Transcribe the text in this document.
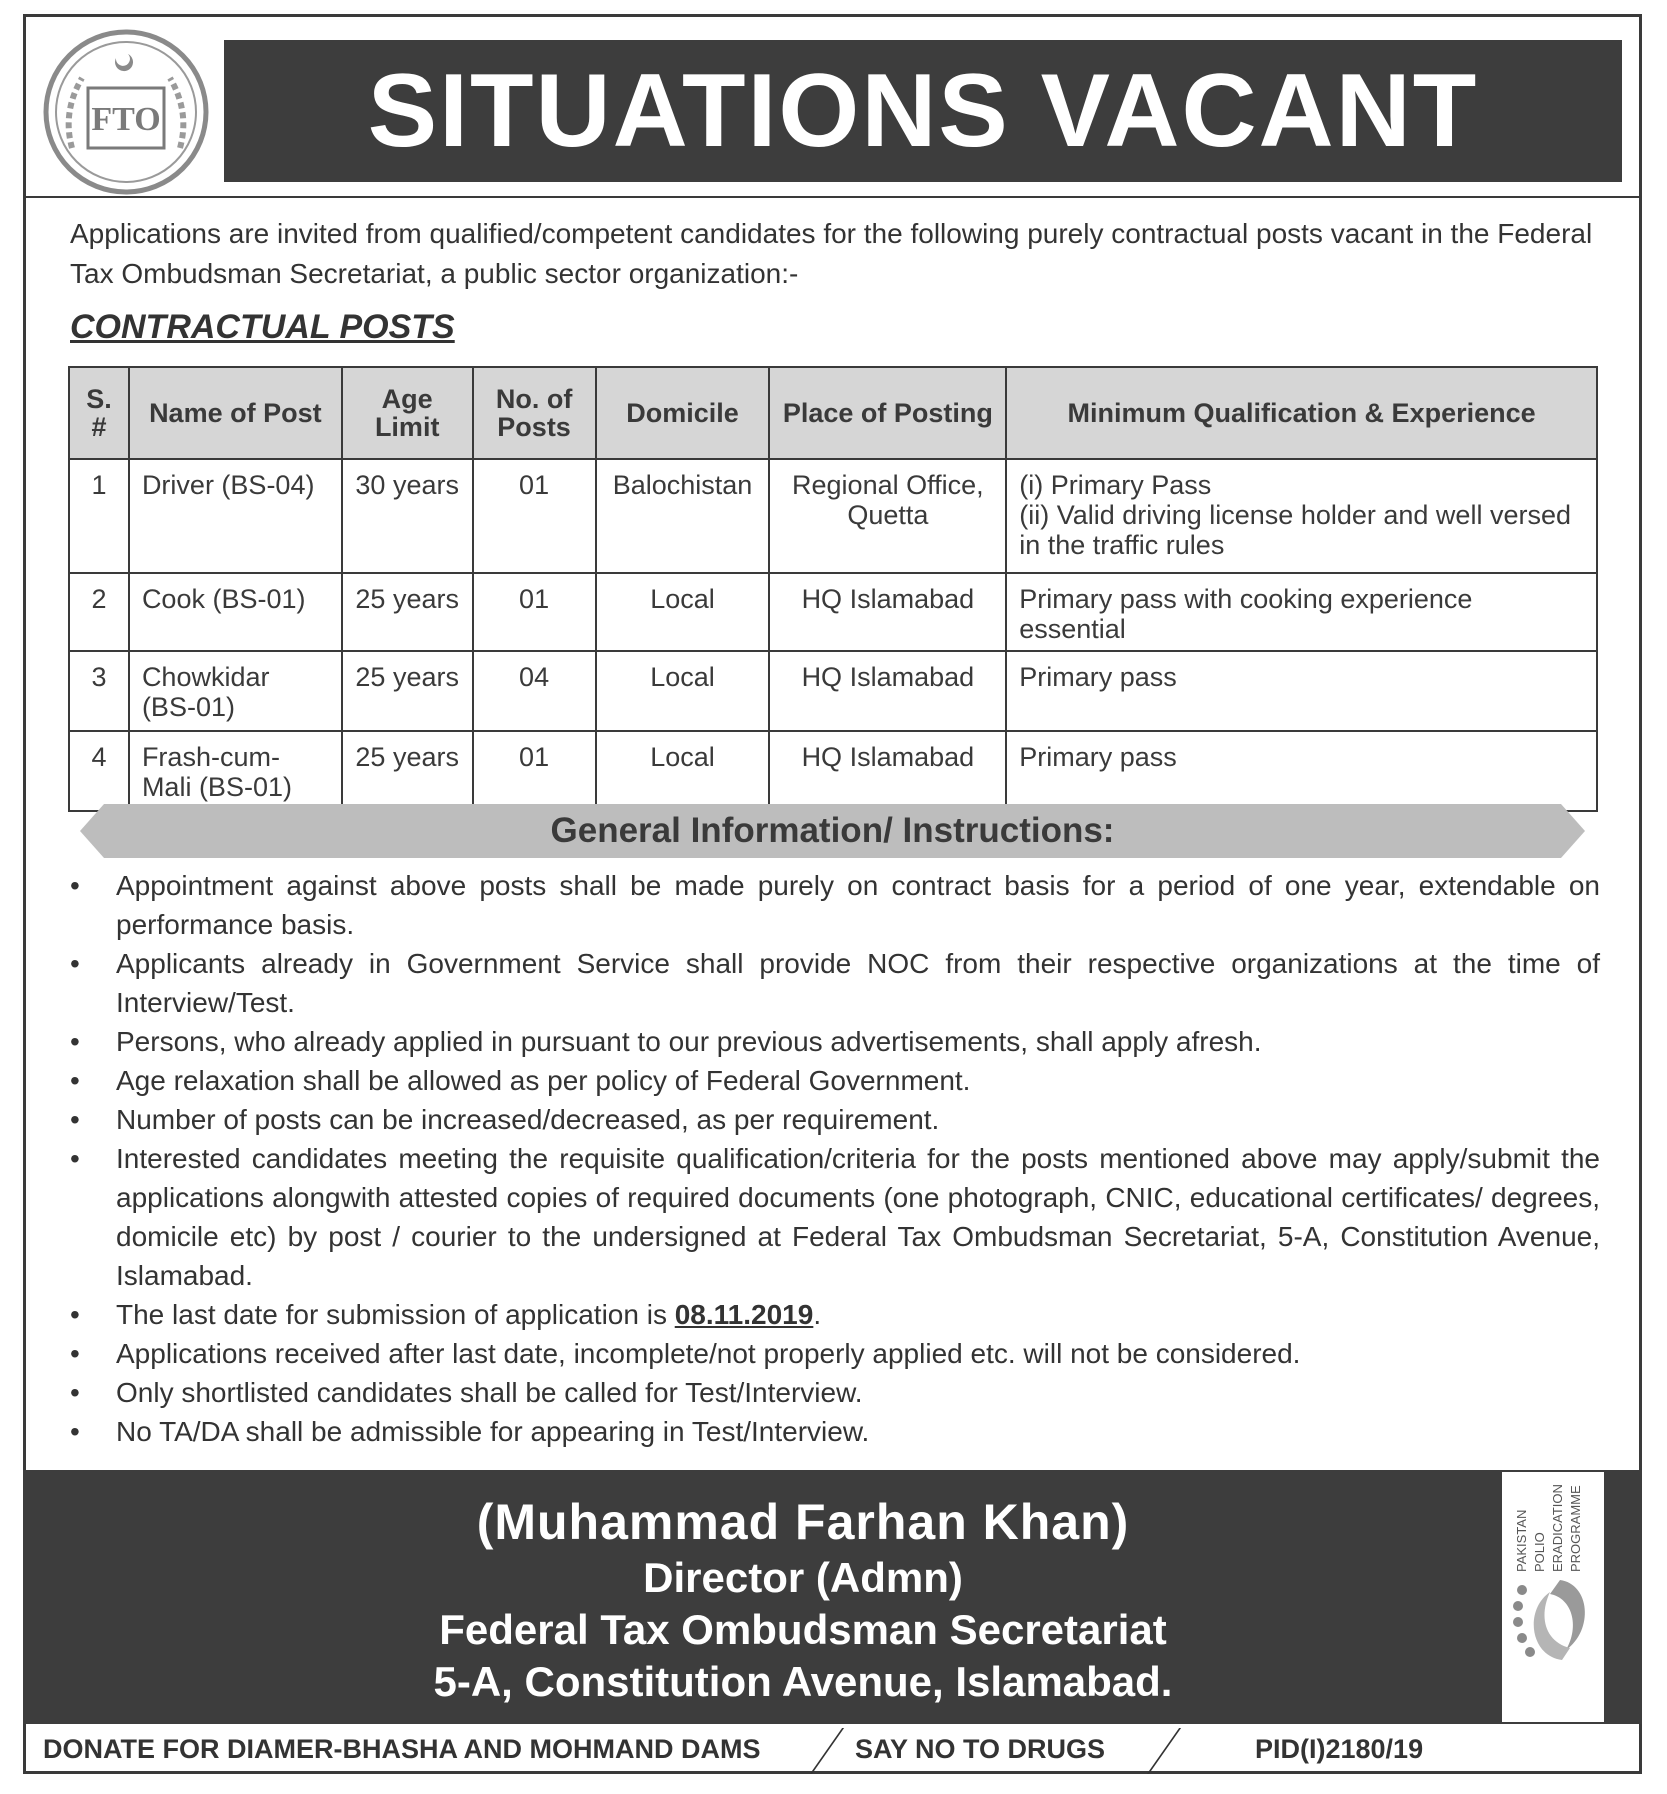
FTO SITUATIONS VACANT
Applications are invited from qualified/competent candidates for the following purely contractual posts vacant in the Federal Tax Ombudsman Secretariat, a public sector organization:-
CONTRACTUAL POSTS
S. #	Name of Post	Age Limit	No. of Posts	Domicile	Place of Posting	Minimum Qualification & Experience
1	Driver (BS-04)	30 years	01	Balochistan	Regional Office, Quetta	(i) Primary Pass
(ii) Valid driving license holder and well versed in the traffic rules

2	Cook (BS-01)	25 years	01	Local	HQ Islamabad	Primary pass with cooking experience essential
3	Chowkidar (BS-01)	25 years	04	Local	HQ Islamabad	Primary pass
4	Frash-cum-Mali (BS-01)	25 years	01	Local	HQ Islamabad	Primary pass
General Information/ Instructions:
• Appointment against above posts shall be made purely on contract basis for a period of one year, extendable on performance basis.
• Applicants already in Government Service shall provide NOC from their respective organizations at the time of Interview/Test.
• Persons, who already applied in pursuant to our previous advertisements, shall apply afresh.
• Age relaxation shall be allowed as per policy of Federal Government.
• Number of posts can be increased/decreased, as per requirement.
• Interested candidates meeting the requisite qualification/criteria for the posts mentioned above may apply/submit the applications alongwith attested copies of required documents (one photograph, CNIC, educational certificates/ degrees, domicile etc) by post / courier to the undersigned at Federal Tax Ombudsman Secretariat, 5-A, Constitution Avenue, Islamabad.
• The last date for submission of application is 08.11.2019.
• Applications received after last date, incomplete/not properly applied etc. will not be considered.
• Only shortlisted candidates shall be called for Test/Interview.
• No TA/DA shall be admissible for appearing in Test/Interview.
(Muhammad Farhan Khan)
Director (Admn)
Federal Tax Ombudsman Secretariat
5-A, Constitution Avenue, Islamabad.
PAKISTAN POLIO ERADICATION PROGRAMME
DONATE FOR DIAMER-BHASHA AND MOHMAND DAMS	SAY NO TO DRUGS	PID(I)2180/19
